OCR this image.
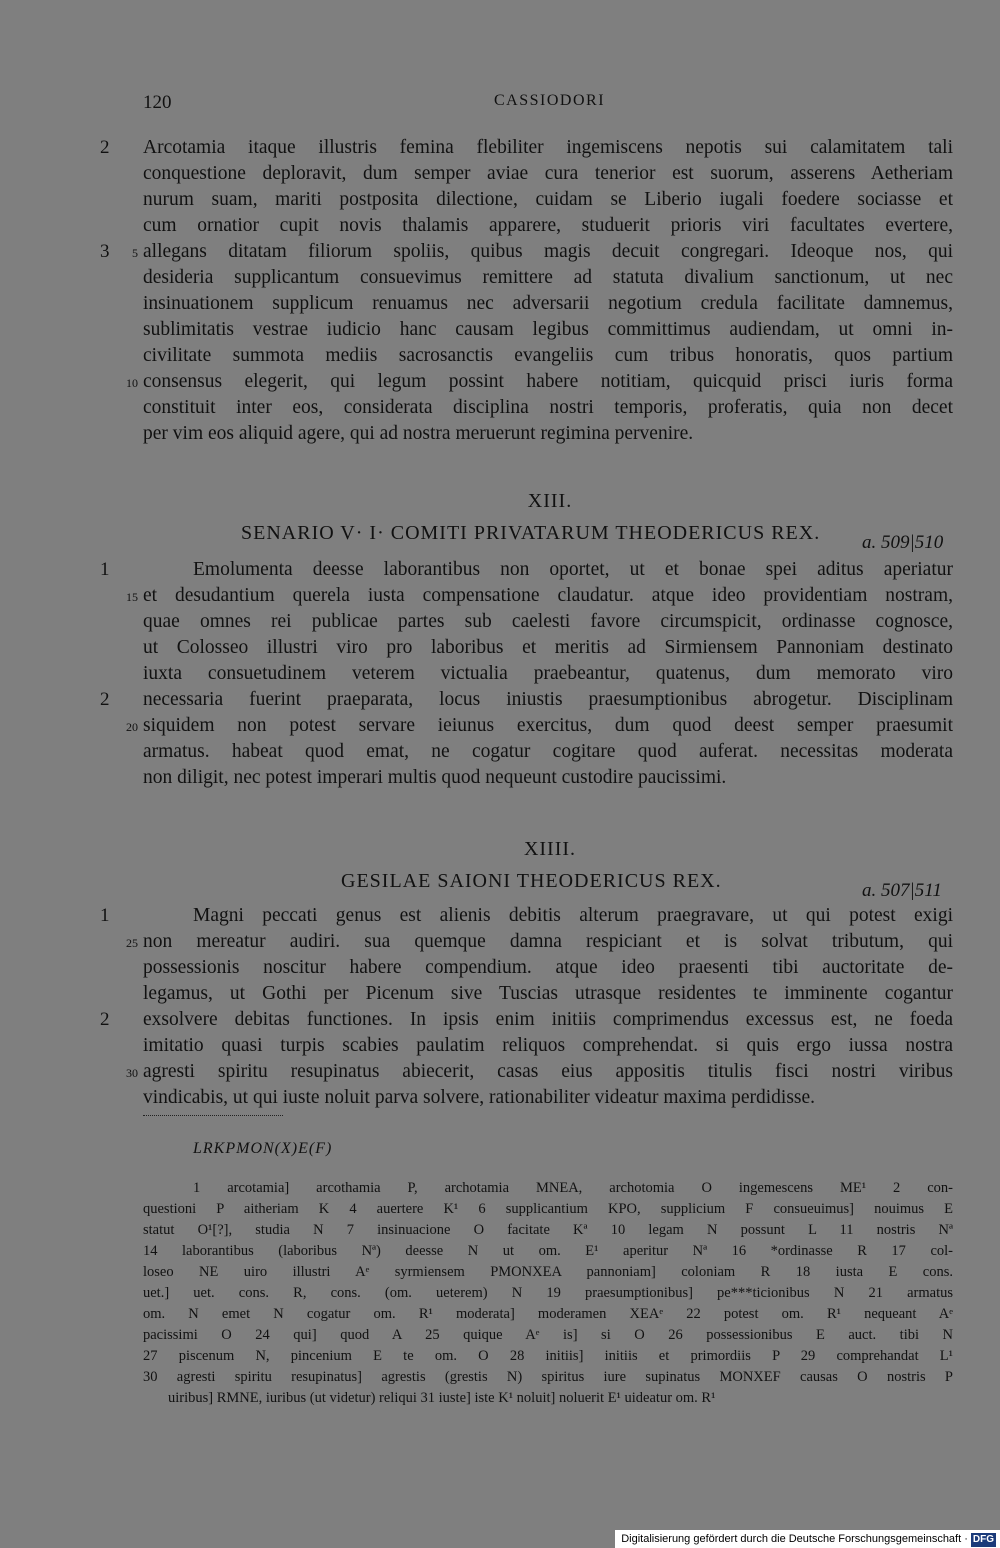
120	CASSIODORI
Arcotamia itaque illustris femina flebiliter ingemiscens nepotis sui calamitatem tali
conquestione deploravit, dum semper aviae cura tenerior est suorum, asserens Aetheriam
nurum suam, mariti postposita dilectione, cuidam se Liberio iugali foedere sociasse et
cum ornatior cupit novis thalamis apparere, studuerit prioris viri facultates evertere,
allegans ditatam filiorum spoliis, quibus magis decuit congregari. Ideoque nos, qui
desideria supplicantum consuevimus remittere ad statuta divalium sanctionum, ut nec
insinuationem supplicum renuamus nec adversarii negotium credula facilitate damnemus,
sublimitatis vestrae iudicio hanc causam legibus committimus audiendam, ut omni in-
civilitate summota mediis sacrosanctis evangeliis cum tribus honoratis, quos partium
consensus elegerit, qui legum possint habere notitiam, quicquid prisci iuris forma
constituit inter eos, considerata disciplina nostri temporis, proferatis, quia non decet
per vim eos aliquid agere, qui ad nostra meruerunt regimina pervenire.
2
3	5
10
XIII.
SENARIO V· I· COMITI PRIVATARUM THEODERICUS REX. a. 509|510
Emolumenta deesse laborantibus non oportet, ut et bonae spei aditus aperiatur
et desudantium querela iusta compensatione claudatur. atque ideo providentiam nostram,
quae omnes rei publicae partes sub caelesti favore circumspicit, ordinasse cognosce,
ut Colosseo illustri viro pro laboribus et meritis ad Sirmiensem Pannoniam destinato
iuxta consuetudinem veterem victualia praebeantur, quatenus, dum memorato viro
necessaria fuerint praeparata, locus iniustis praesumptionibus abrogetur. Disciplinam
siquidem non potest servare ieiunus exercitus, dum quod deest semper praesumit
armatus. habeat quod emat, ne cogatur cogitare quod auferat. necessitas moderata
non diligit, nec potest imperari multis quod nequeunt custodire paucissimi.
1
2
15
20
XIIII.
GESILAE SAIONI THEODERICUS REX.	a. 507|511
Magni peccati genus est alienis debitis alterum praegravare, ut qui potest exigi
non mereatur audiri. sua quemque damna respiciant et is solvat tributum, qui
possessionis noscitur habere compendium. atque ideo praesenti tibi auctoritate de-
legamus, ut Gothi per Picenum sive Tuscias utrasque residentes te imminente cogantur
exsolvere debitas functiones. In ipsis enim initiis comprimendus excessus est, ne foeda
imitatio quasi turpis scabies paulatim reliquos comprehendat. si quis ergo iussa nostra
agresti spiritu resupinatus abiecerit, casas eius appositis titulis fisci nostri viribus
vindicabis, ut qui iuste noluit parva solvere, rationabiliter videatur maxima perdidisse.
1
2
25
30
LRKPMON(X)E(F)
1 arcotamia] arcothamia P, archotamia MNEA, archotomia O ingemescens ME¹ 2 con-
questioni P aitheriam K 4 auertere K¹ 6 supplicantium KPO, supplicium F consueuimus] nouimus E
statut O¹[?], studia N 7 insinuacione O facitate Kª 10 legam N possunt L 11 nostris Nª
14 laborantibus (laboribus Nª) deesse N ut om. E¹ aperitur Nª 16 *ordinasse R 17 col-
loseo NE uiro illustri Aᵉ syrmiensem PMONXEA pannoniam] coloniam R 18 iusta E cons.
uet.] uet. cons. R, cons. (om. ueterem) N 19 praesumptionibus] pe***ticionibus N 21 armatus
om. N emet N cogatur om. R¹ moderata] moderamen XEAᵉ 22 potest om. R¹ nequeant Aᵉ
pacissimi O 24 qui] quod A 25 quique Aᵉ is] si O 26 possessionibus E auct. tibi N
27 piscenum N, pincenium E te om. O 28 initiis] initiis et primordiis P 29 comprehandat L¹
30 agresti spiritu resupinatus] agrestis (grestis N) spiritus iure supinatus MONXEF causas O nostris P
uiribus] RMNE, iuribus (ut videtur) reliqui 31 iuste] iste K¹ noluit] noluerit E¹ uideatur om. R¹
Digitalisierung gefördert durch die Deutsche Forschungsgemeinschaft · DFG
